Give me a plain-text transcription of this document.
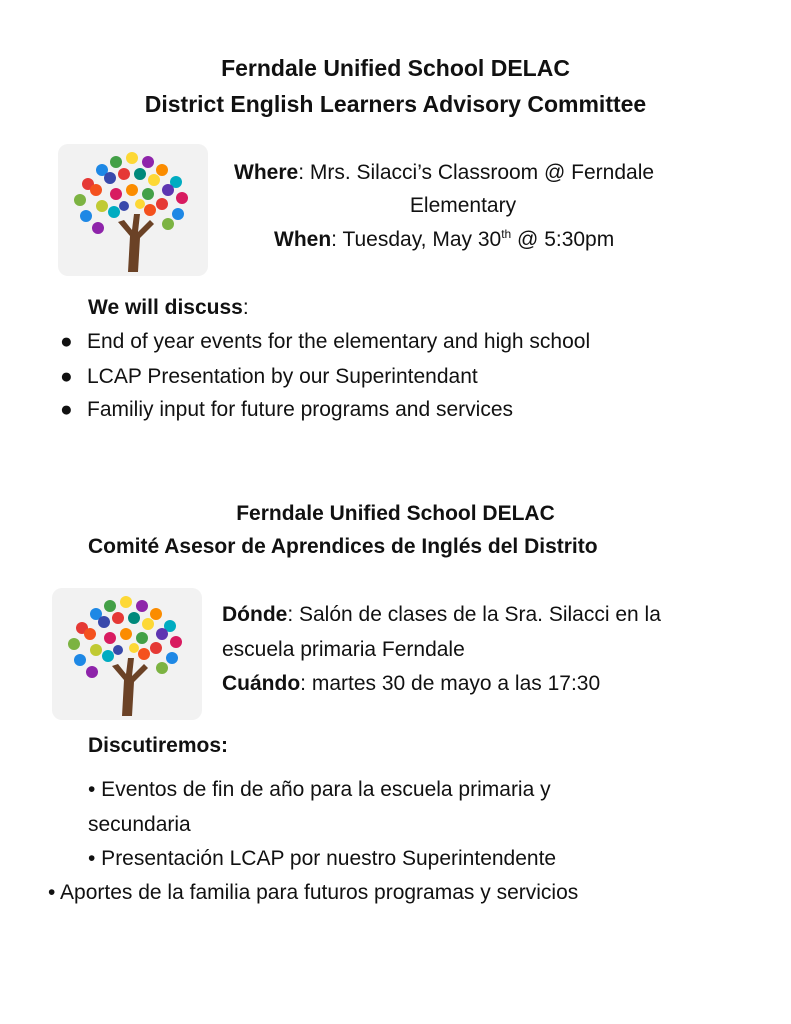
Ferndale Unified School DELAC
District English Learners Advisory Committee
Where: Mrs. Silacci’s Classroom @ Ferndale
Elementary
When: Tuesday, May 30th @ 5:30pm
We will discuss:
● End of year events for the elementary and high school
● LCAP Presentation by our Superintendant
● Familiy input for future programs and services
Ferndale Unified School DELAC
Comité Asesor de Aprendices de Inglés del Distrito
Dónde: Salón de clases de la Sra. Silacci en la
escuela primaria Ferndale
Cuándo: martes 30 de mayo a las 17:30
Discutiremos:
• Eventos de fin de año para la escuela primaria y
secundaria
• Presentación LCAP por nuestro Superintendente
• Aportes de la familia para futuros programas y servicios
